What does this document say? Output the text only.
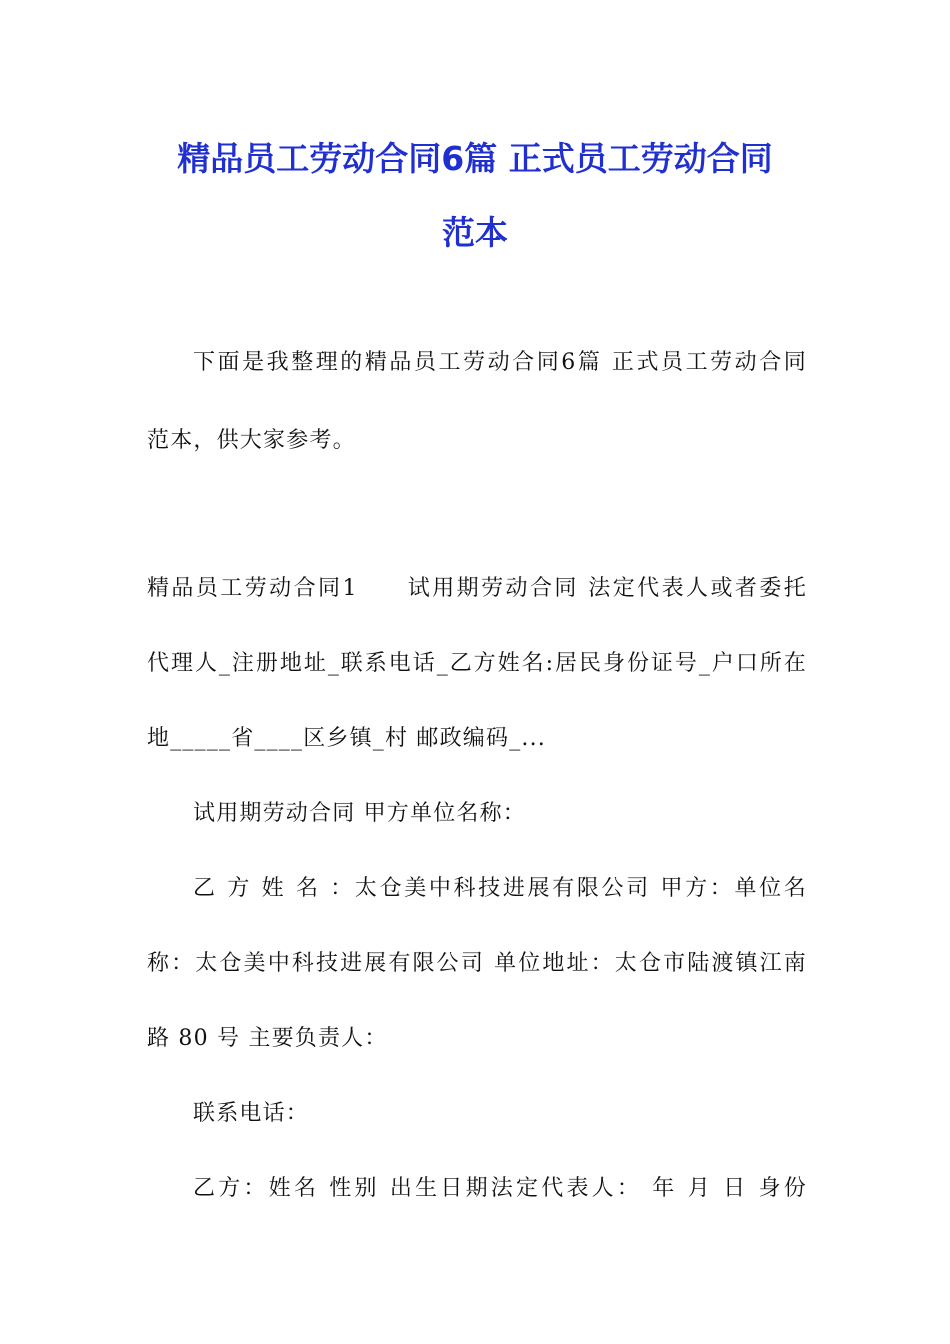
精品员工劳动合同6篇 正式员工劳动合同
范本
下面是我整理的精品员工劳动合同6篇 正式员工劳动合同
范本，供大家参考。
精品员工劳动合同1　　试用期劳动合同 法定代表人或者委托
代理人_注册地址_联系电话_乙方姓名:居民身份证号_户口所在
地_____省____区乡镇_村 邮政编码_...
试用期劳动合同 甲方单位名称：
乙 方 姓 名 ：太仓美中科技进展有限公司 甲方：单位名
称：太仓美中科技进展有限公司 单位地址：太仓市陆渡镇江南
路 80 号 主要负责人：
联系电话：
乙方：姓名 性别 出生日期法定代表人： 年 月 日 身份
